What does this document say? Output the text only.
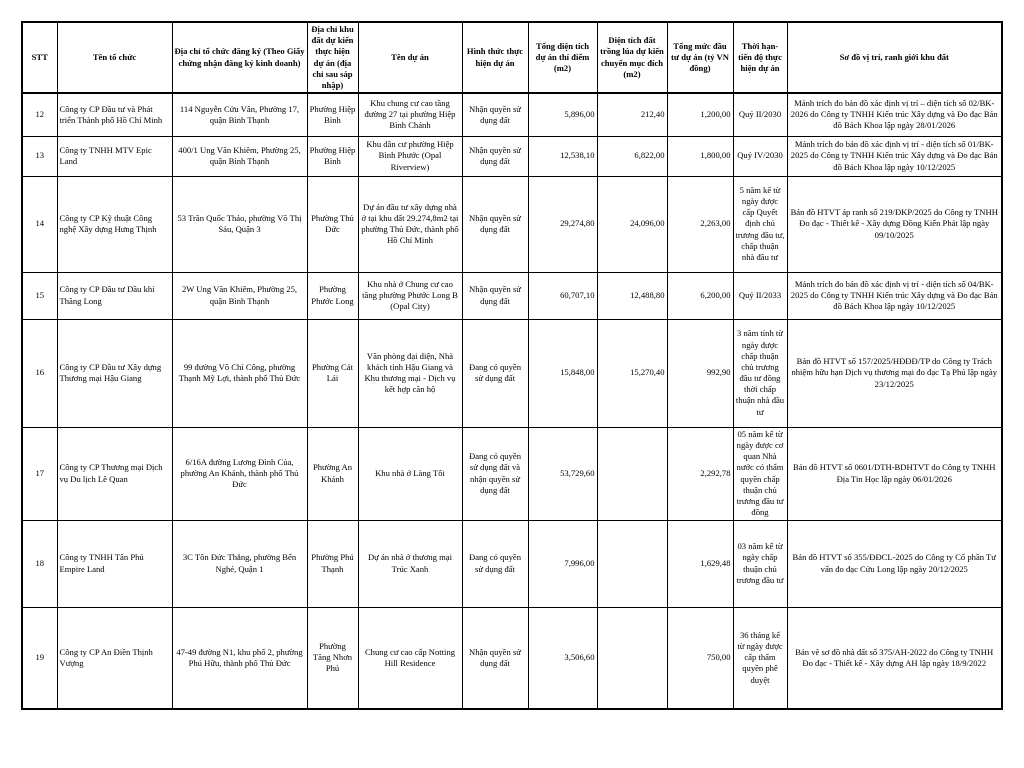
STT	Tên tổ chức	Địa chỉ tổ chức đăng ký (Theo Giấy chứng nhận đăng ký kinh doanh)	Địa chỉ khu đất dự kiến thực hiện dự án (địa chỉ sau sáp nhập)	Tên dự án	Hình thức thực hiện dự án	Tổng diện tích dự án thí điểm (m2)	Diện tích đất trồng lúa dự kiến chuyển mục đích (m2)	Tổng mức đầu tư dự án (tỷ VN đồng)	Thời hạn- tiến độ thực hiện dự án	Sơ đồ vị trí, ranh giới khu đất
12	Công ty CP Đầu tư và Phát triển Thành phố Hồ Chí Minh	114 Nguyễn Cửu Vân, Phường 17, quận Bình Thạnh	Phường Hiệp Bình	Khu chung cư cao tầng đường 27 tại phường Hiệp Bình Chánh	Nhận quyền sử dụng đất	5,896,00	212,40	1,200,00	Quý II/2030	Mảnh trích đo bản đồ xác định vị trí – diện tích số 02/BK-2026 do Công ty TNHH Kiến trúc Xây dựng và Đo đạc Bản đồ Bách Khoa lập ngày 28/01/2026
13	Công ty TNHH MTV Epic Land	400/1 Ung Văn Khiêm, Phường 25, quận Bình Thạnh	Phường Hiệp Bình	Khu dân cư phường Hiệp Bình Phước (Opal Riverview)	Nhận quyền sử dụng đất	12,538,10	6,822,00	1,800,00	Quý IV/2030	Mảnh trích đo bản đồ xác định vị trí - diện tích số 01/BK-2025 do Công ty TNHH Kiến trúc Xây dựng và Đo đạc Bản đồ Bách Khoa lập ngày 10/12/2025
14	Công ty CP Kỹ thuật Công nghệ Xây dựng Hưng Thịnh	53 Trần Quốc Thảo, phường Võ Thị Sáu, Quận 3	Phường Thủ Đức	Dự án đầu tư xây dựng nhà ở tại khu đất 29.274,8m2 tại phường Thủ Đức, thành phố Hồ Chí Minh	Nhận quyền sử dụng đất	29,274,80	24,096,00	2,263,00	5 năm kể từ ngày được cấp Quyết định chủ trương đầu tư, chấp thuận nhà đầu tư	Bản đồ HTVT áp ranh số 219/ĐKP/2025 do Công ty TNHH Đo đạc - Thiết kế - Xây dựng Đồng Kiến Phát lập ngày 09/10/2025
15	Công ty CP Đầu tư Dầu khí Thăng Long	2W Ung Văn Khiêm, Phường 25, quận Bình Thạnh	Phường Phước Long	Khu nhà ở Chung cư cao tầng phường Phước Long B (Opal City)	Nhận quyền sử dụng đất	60,707,10	12,488,80	6,200,00	Quý II/2033	Mảnh trích đo bản đồ xác định vị trí - diện tích số 04/BK-2025 do Công ty TNHH Kiến trúc Xây dựng và Đo đạc Bản đồ Bách Khoa lập ngày 10/12/2025
16	Công ty CP Đầu tư Xây dựng Thương mại Hậu Giang	99 đường Võ Chí Công, phường Thạnh Mỹ Lợi, thành phố Thủ Đức	Phường Cát Lái	Văn phòng đại diện, Nhà khách tỉnh Hậu Giang và Khu thương mại - Dịch vụ kết hợp căn hộ	Đang có quyền sử dụng đất	15,848,00	15,270,40	992,90	3 năm tính từ ngày được chấp thuận chủ trương đầu tư đồng thời chấp thuận nhà đầu tư	Bản đồ HTVT số 157/2025/HĐĐĐ/TP do Công ty Trách nhiệm hữu hạn Dịch vụ thương mại đo đạc Tạ Phú lập ngày 23/12/2025
17	Công ty CP Thương mại Dịch vụ Du lịch Lê Quan	6/16A đường Lương Đình Của, phường An Khánh, thành phố Thủ Đức	Phường An Khánh	Khu nhà ở Làng Tôi	Đang có quyền sử dụng đất và nhận quyền sử dụng đất	53,729,60		2,292,78	05 năm kể từ ngày được cơ quan Nhà nước có thẩm quyền chấp thuận chủ trương đầu tư đồng	Bản đồ HTVT số 0601/DTH-BDHTVT do Công ty TNHH Địa Tin Học lập ngày 06/01/2026
18	Công ty TNHH Tân Phú Empire Land	3C Tôn Đức Thắng, phường Bến Nghé, Quận 1	Phường Phú Thạnh	Dự án nhà ở thương mại Trúc Xanh	Đang có quyền sử dụng đất	7,996,00		1,629,48	03 năm kể từ ngày chấp thuận chủ trương đầu tư	Bản đồ HTVT số 355/ĐĐCL-2025 do Công ty Cổ phần Tư vấn đo đạc Cửu Long lập ngày 20/12/2025
19	Công ty CP An Điền Thịnh Vượng	47-49 đường N1, khu phố 2, phường Phú Hữu, thành phố Thủ Đức	Phường Tăng Nhơn Phú	Chung cư cao cấp Notting Hill Residence	Nhận quyền sử dụng đất	3,506,60		750,00	36 tháng kể từ ngày được cấp thẩm quyền phê duyệt	Bản vẽ sơ đồ nhà đất số 375/AH-2022 do Công ty TNHH Đo đạc - Thiết kế - Xây dựng AH lập ngày 18/9/2022
